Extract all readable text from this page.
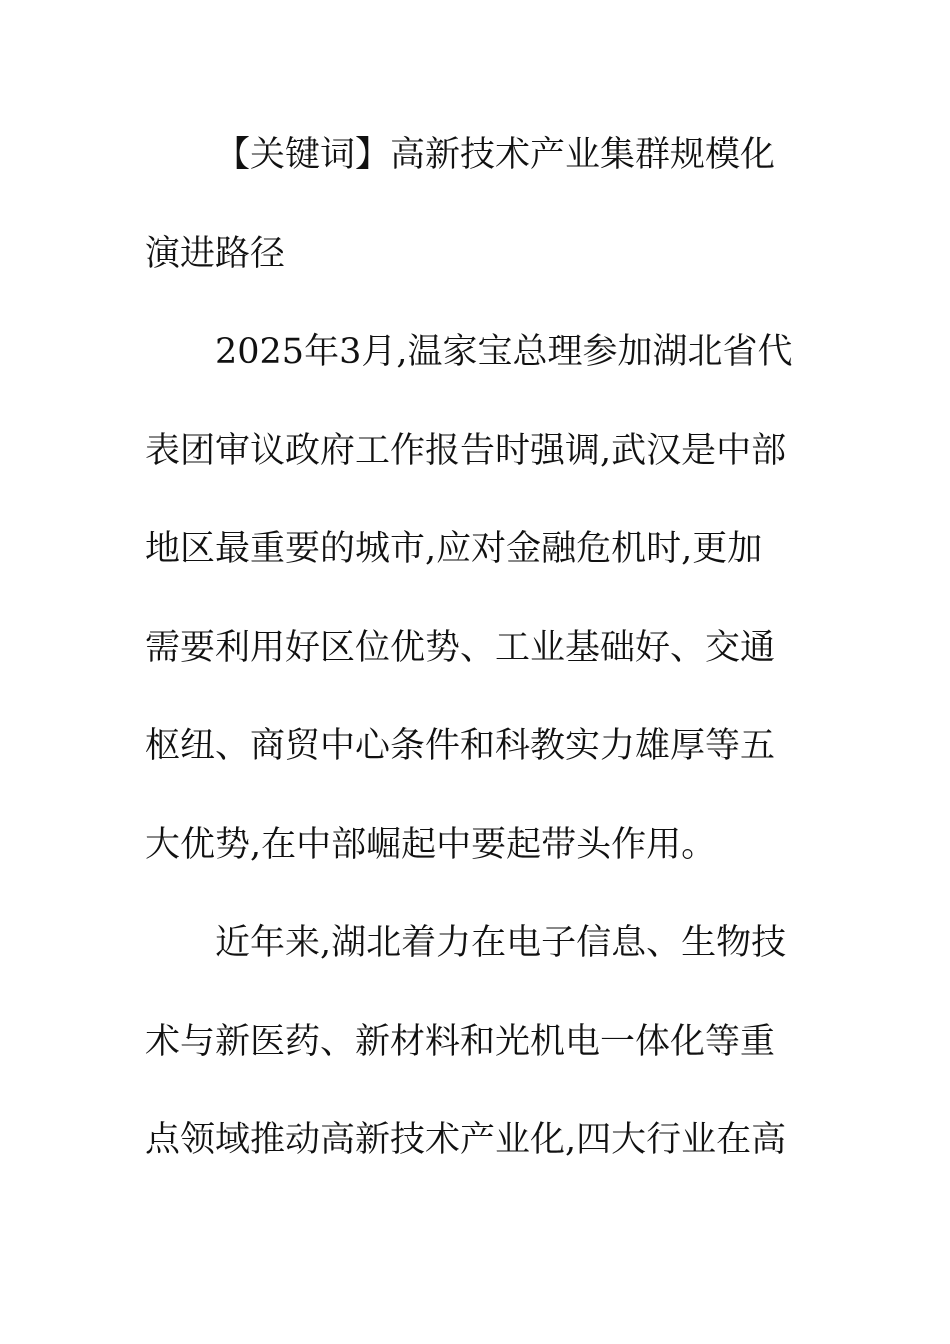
【关键词】高新技术产业集群规模化
演进路径
2025年3月,温家宝总理参加湖北省代
表团审议政府工作报告时强调,武汉是中部
地区最重要的城市,应对金融危机时,更加
需要利用好区位优势、工业基础好、交通
枢纽、商贸中心条件和科教实力雄厚等五
大优势,在中部崛起中要起带头作用。
近年来,湖北着力在电子信息、生物技
术与新医药、新材料和光机电一体化等重
点领域推动高新技术产业化,四大行业在高
